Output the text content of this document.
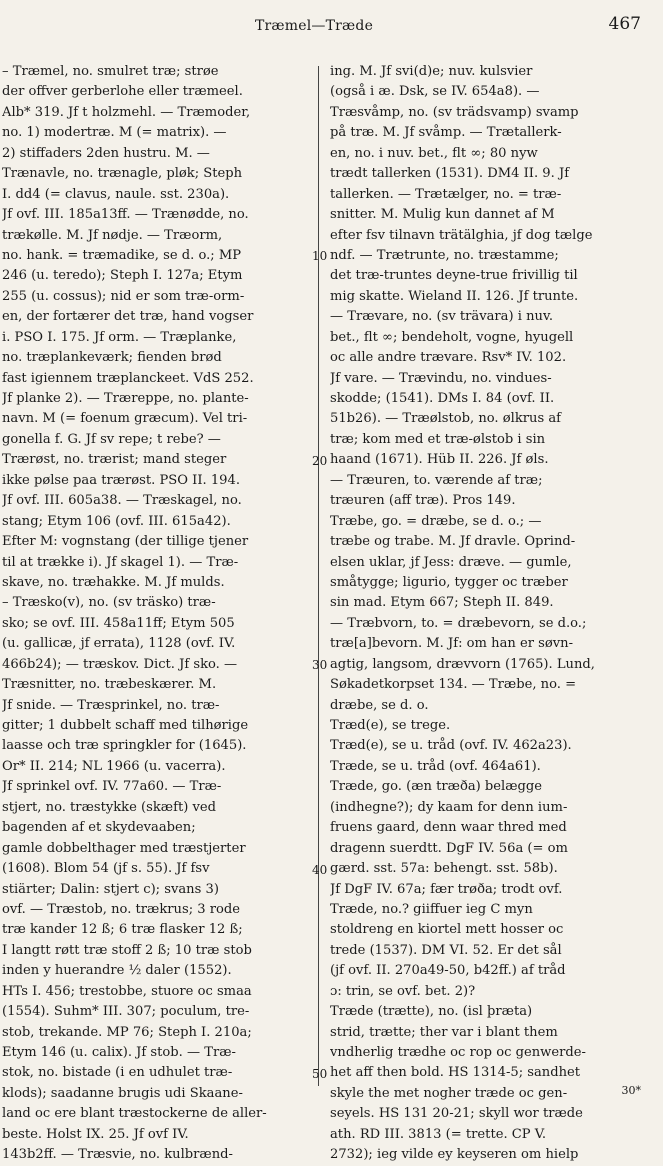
Træmel—Træde	467
– Træmel, no. smulret træ; strøe
der offver gerberlohe eller træmeel.
Alb* 319. Jf t holzmehl. — Træmoder,
no. 1) modertræ. M (= matrix). —
2) stiffaders 2den hustru. M. —
Trænavle, no. trænagle, pløk; Steph
I. dd4 (= clavus, naule. sst. 230a).
Jf ovf. III. 185a13ff. — Trænødde, no.
trækølle. M. Jf nødje. — Træorm,
no. hank. = træmadike, se d. o.; MP
246 (u. teredo); Steph I. 127a; Etym
255 (u. cossus); nid er som træ-orm-
en, der fortærer det træ, hand vogser
i. PSO I. 175. Jf orm. — Træplanke,
no. træplankeværk; fienden brød
fast igiennem træplanckeet. VdS 252.
Jf planke 2). — Træreppe, no. plante-
navn. M (= foenum græcum). Vel tri-
gonella f. G. Jf sv repe; t rebe? —
Trærøst, no. trærist; mand steger
ikke pølse paa trærøst. PSO II. 194.
Jf ovf. III. 605a38. — Træskagel, no.
stang; Etym 106 (ovf. III. 615a42).
Efter M: vognstang (der tillige tjener
til at trække i). Jf skagel 1). — Træ-
skave, no. træhakke. M. Jf mulds.
– Træsko(v), no. (sv träsko) træ-
sko; se ovf. III. 458a11ff; Etym 505
(u. gallicæ, jf errata), 1128 (ovf. IV.
466b24); — træskov. Dict. Jf sko. —
Træsnitter, no. træbeskærer. M.
Jf snide. — Træsprinkel, no. træ-
gitter; 1 dubbelt schaff med tilhørige
laasse och træ springkler for (1645).
Or* II. 214; NL 1966 (u. vacerra).
Jf sprinkel ovf. IV. 77a60. — Træ-
stjert, no. træstykke (skæft) ved
bagenden af et skydevaaben;
gamle dobbelthager med træstjerter
(1608). Blom 54 (jf s. 55). Jf fsv
stiärter; Dalin: stjert c); svans 3)
ovf. — Træstob, no. trækrus; 3 rode
træ kander 12 ß; 6 træ flasker 12 ß;
I langtt røtt træ stoff 2 ß; 10 træ stob
inden y huerandre ½ daler (1552).
HTs I. 456; trestobbe, stuore oc smaa
(1554). Suhm* III. 307; poculum, tre-
stob, trekande. MP 76; Steph I. 210a;
Etym 146 (u. calix). Jf stob. — Træ-
stok, no. bistade (i en udhulet træ-
klods); saadanne brugis udi Skaane-
land oc ere blant træstockerne de aller-
beste. Holst IX. 25. Jf ovf IV.
143b2ff. — Træsvie, no. kulbrænd-
ing. M. Jf svi(d)e; nuv. kulsvier
(også i æ. Dsk, se IV. 654a8). —
Træsvåmp, no. (sv trädsvamp) svamp
på træ. M. Jf svåmp. — Trætallerk-
en, no. i nuv. bet., flt ∞; 80 nyw
trædt tallerken (1531). DM4 II. 9. Jf
tallerken. — Trætælger, no. = træ-
snitter. M. Mulig kun dannet af M
efter fsv tilnavn trätälghia, jf dog tælge
ndf. — Trætrunte, no. træstamme;
det træ-truntes deyne-true frivillig til
mig skatte. Wieland II. 126. Jf trunte.
— Trævare, no. (sv trävara) i nuv.
bet., flt ∞; bendeholt, vogne, hyugell
oc alle andre trævare. Rsv* IV. 102.
Jf vare. — Trævindu, no. vindues-
skodde; (1541). DMs I. 84 (ovf. II.
51b26). — Træølstob, no. ølkrus af
træ; kom med et træ-ølstob i sin
haand (1671). Hüb II. 226. Jf øls.
— Træuren, to. værende af træ;
træuren (aff træ). Pros 149.
Træbe, go. = dræbe, se d. o.; —
træbe og trabe. M. Jf dravle. Oprind-
elsen uklar, jf Jess: dræve. — gumle,
småtygge; ligurio, tygger oc træber
sin mad. Etym 667; Steph II. 849.
— Træbvorn, to. = dræbevorn, se d.o.;
træ[a]bevorn. M. Jf: om han er søvn-
agtig, langsom, drævvorn (1765). Lund,
Søkadetkorpset 134. — Træbe, no. =
dræbe, se d. o.
Træd(e), se trege.
Træd(e), se u. tråd (ovf. IV. 462a23).
Træde, se u. tråd (ovf. 464a61).
Træde, go. (æn træða) belægge
(indhegne?); dy kaam for denn ium-
fruens gaard, denn waar thred med
dragenn suerdtt. DgF IV. 56a (= om
gærd. sst. 57a: behengt. sst. 58b).
Jf DgF IV. 67a; fær trøða; trodt ovf.
Træde, no.? giiffuer ieg C myn
stoldreng en kiortel mett hosser oc
trede (1537). DM VI. 52. Er det sål
(jf ovf. II. 270a49-50, b42ff.) af tråd
ɔ: trin, se ovf. bet. 2)?
Træde (trætte), no. (isl þræta)
strid, trætte; ther var i blant them
vndherlig trædhe oc rop oc genwerde-
het aff then bold. HS 1314-5; sandhet
skyle the met nogher træde oc gen-
seyels. HS 131 20-21; skyll wor træde
ath. RD III. 3813 (= trette. CP V.
2732); ieg vilde ey keyseren om hielp
10
20
30
40
50
30*
